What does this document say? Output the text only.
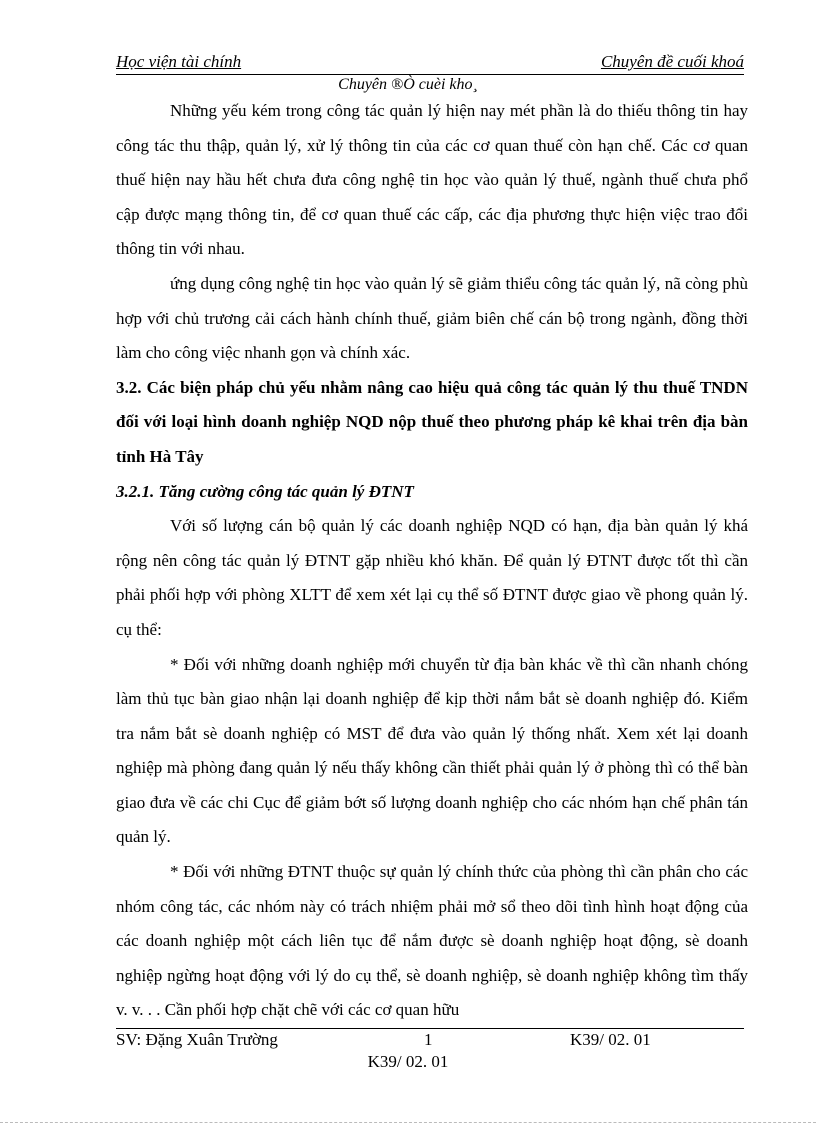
Học viện tài chính	Chuyên đề cuối khoá
Chuyên ®Ò cuèi kho¸

Những yếu kém trong công tác quản lý hiện nay mét phần là do thiếu thông tin hay công tác thu thập, quản lý, xử lý thông tin của các cơ quan thuế còn hạn chế. Các cơ quan thuế hiện nay hầu hết chưa đưa công nghệ tin học vào quản lý thuế, ngành thuế chưa phổ cập được mạng thông tin, để cơ quan thuế các cấp, các địa phương thực hiện việc trao đổi thông tin với nhau.

ứng dụng công nghệ tin học vào quản lý sẽ giảm thiểu công tác quản lý, nã còng phù hợp với chủ trương cải cách hành chính thuế, giảm biên chế cán bộ trong ngành, đồng thời làm cho công việc nhanh gọn và chính xác.

3.2. Các biện pháp chủ yếu nhằm nâng cao hiệu quả công tác quản lý thu thuế TNDN đối với loại hình doanh nghiệp NQD nộp thuế theo phương pháp kê khai trên địa bàn tỉnh Hà Tây

3.2.1. Tăng cường công tác quản lý ĐTNT

Với số lượng cán bộ quản lý các doanh nghiệp NQD có hạn, địa bàn quản lý khá rộng nên công tác quản lý ĐTNT gặp nhiều khó khăn. Để quản lý ĐTNT được tốt thì cần phải phối hợp với phòng XLTT để xem xét lại cụ thể số ĐTNT được giao về phong quản lý. cụ thể:

* Đối với những doanh nghiệp mới chuyển từ địa bàn khác về thì cần nhanh chóng làm thủ tục bàn giao nhận lại doanh nghiệp để kịp thời nắm bắt sè doanh nghiệp đó. Kiểm tra nắm bắt sè doanh nghiệp có MST để đưa vào quản lý thống nhất. Xem xét lại doanh nghiệp mà phòng đang quản lý nếu thấy không cần thiết phải quản lý ở phòng thì có thể bàn giao đưa về các chi Cục để giảm bớt số lượng doanh nghiệp cho các nhóm hạn chế phân tán quản lý.

* Đối với những ĐTNT thuộc sự quản lý chính thức của phòng thì cần phân cho các nhóm công tác, các nhóm này có trách nhiệm phải mở sổ theo dõi tình hình hoạt động của các doanh nghiệp một cách liên tục để nắm được sè doanh nghiệp hoạt động, sè doanh nghiệp ngừng hoạt động với lý do cụ thể, sè doanh nghiệp, sè doanh nghiệp không tìm thấy v. v. . . Cần phối hợp chặt chẽ với các cơ quan hữu

SV: Đặng Xuân Trường	1	K39/ 02. 01
K39/ 02. 01
